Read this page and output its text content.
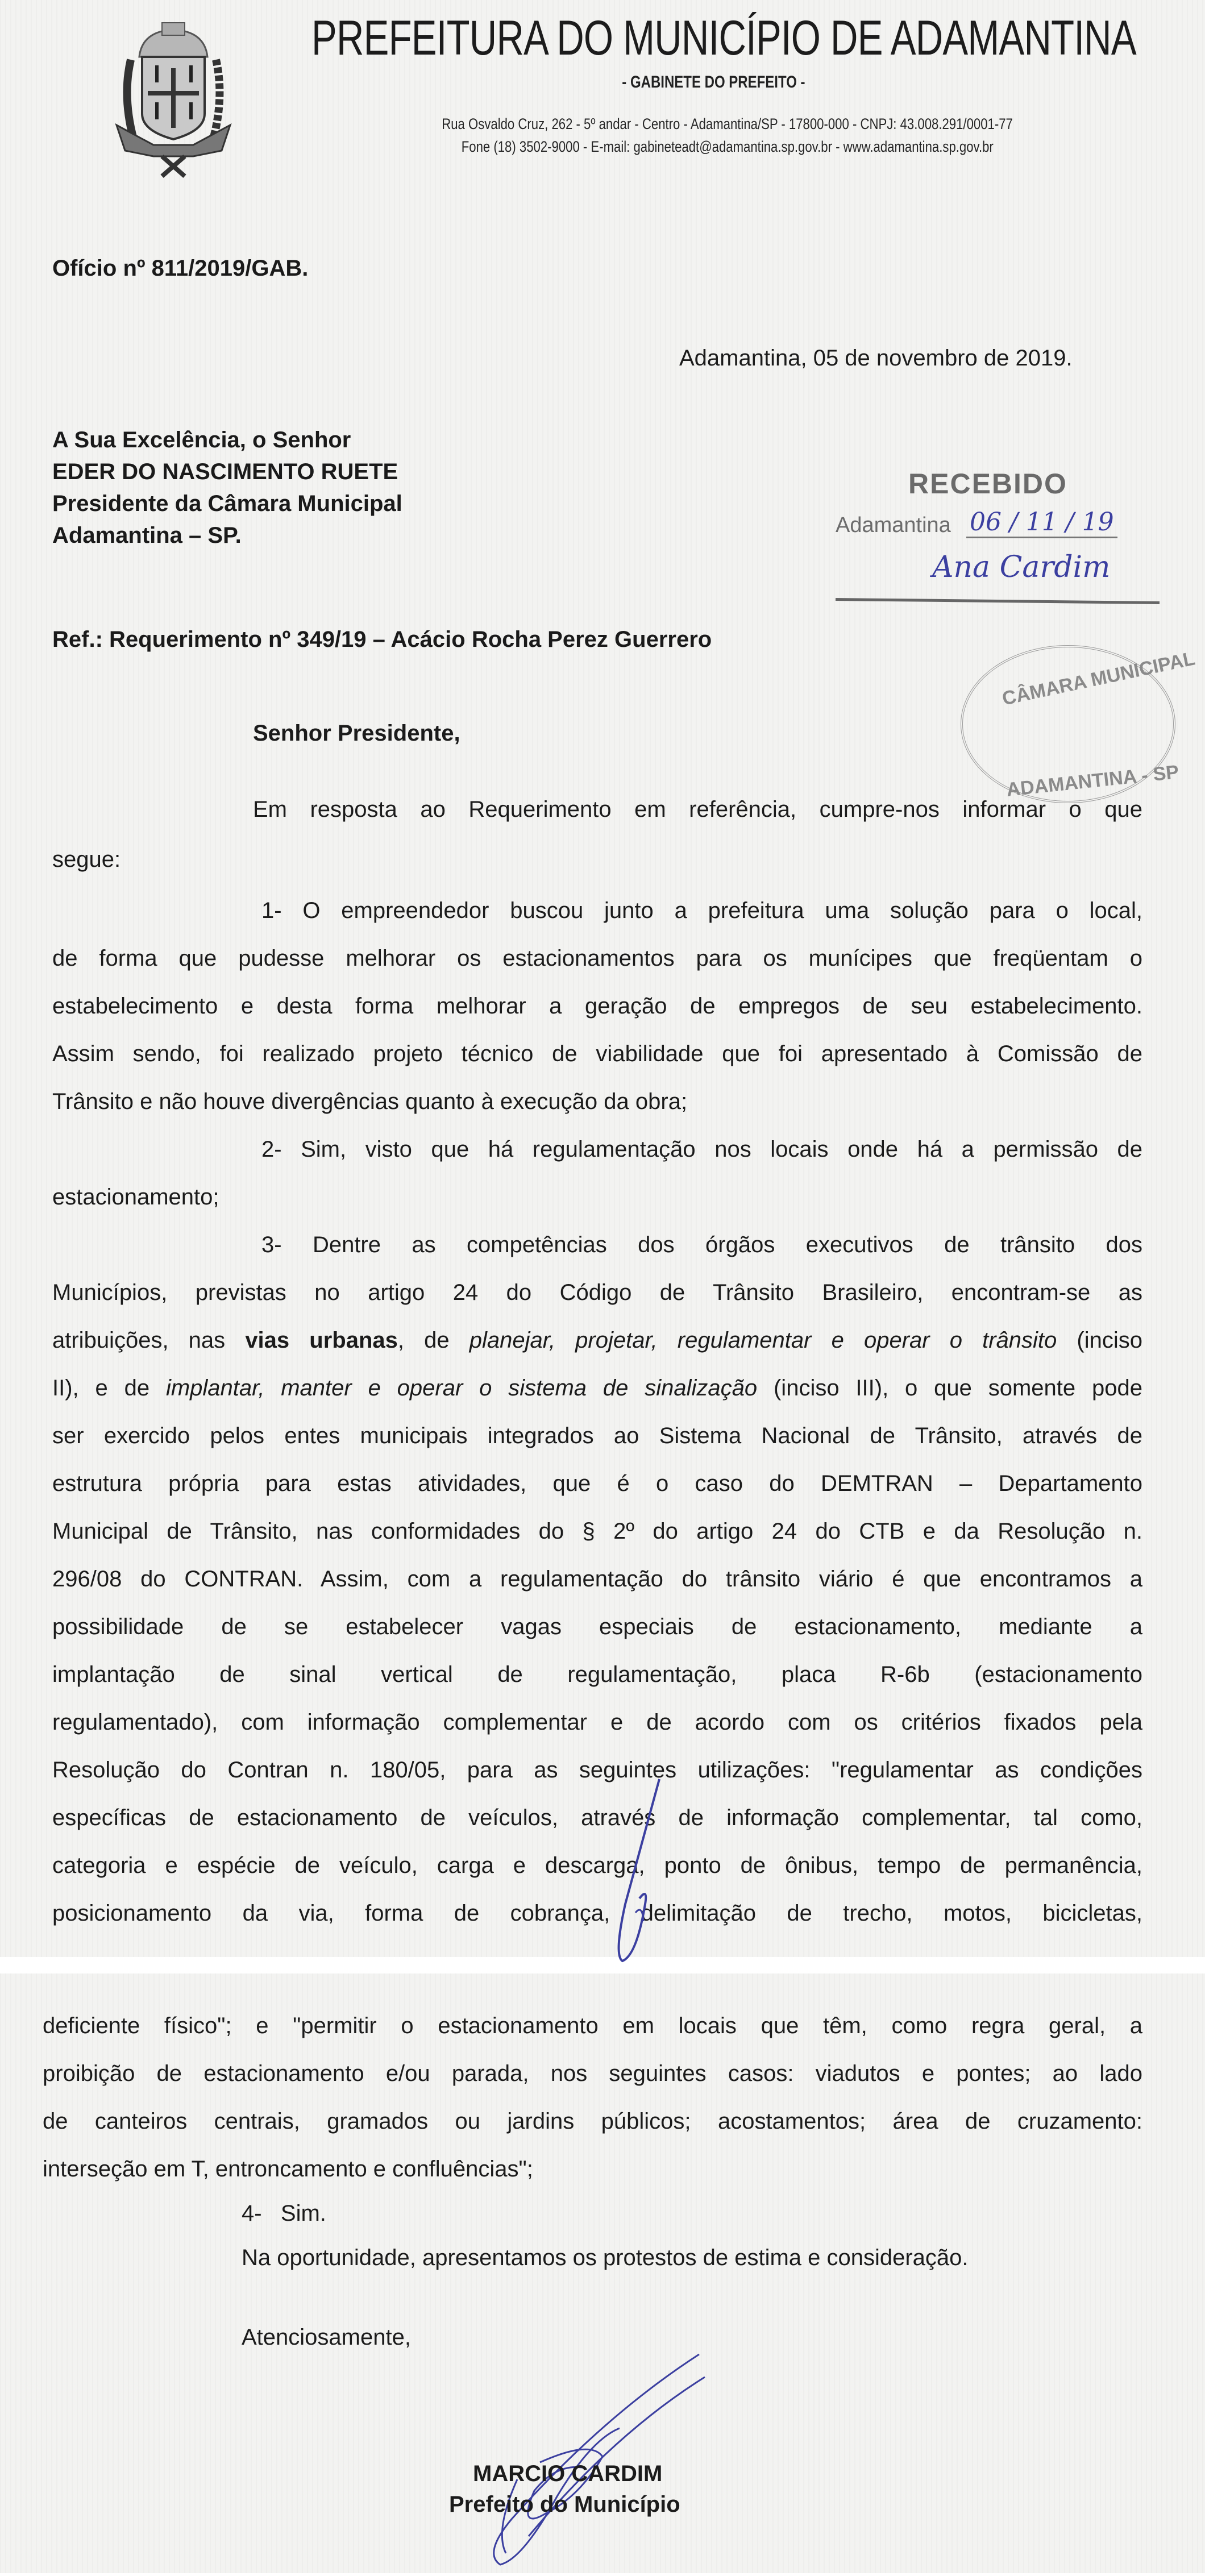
PREFEITURA DO MUNICÍPIO DE ADAMANTINA
- GABINETE DO PREFEITO -
Rua Osvaldo Cruz, 262 - 5º andar - Centro - Adamantina/SP - 17800-000 - CNPJ: 43.008.291/0001-77
Fone (18) 3502-9000 - E-mail: gabineteadt@adamantina.sp.gov.br - www.adamantina.sp.gov.br
Ofício nº 811/2019/GAB.
Adamantina, 05 de novembro de 2019.
A Sua Excelência, o Senhor
EDER DO NASCIMENTO RUETE
Presidente da Câmara Municipal
Adamantina – SP.
RECEBIDO
Adamantina 06 / 11 / 19
Ana Cardim
Ref.: Requerimento nº 349/19 – Acácio Rocha Perez Guerrero
CÂMARA MUNICIPAL
ADAMANTINA - SP
Senhor Presidente,
Em resposta ao Requerimento em referência, cumpre-nos informar o que
segue:
1- O empreendedor buscou junto a prefeitura uma solução para o local,
de forma que pudesse melhorar os estacionamentos para os munícipes que freqüentam o
estabelecimento e desta forma melhorar a geração de empregos de seu estabelecimento.
Assim sendo, foi realizado projeto técnico de viabilidade que foi apresentado à Comissão de
Trânsito e não houve divergências quanto à execução da obra;
2- Sim, visto que há regulamentação nos locais onde há a permissão de
estacionamento;
3- Dentre as competências dos órgãos executivos de trânsito dos
Municípios, previstas no artigo 24 do Código de Trânsito Brasileiro, encontram-se as
atribuições, nas vias urbanas, de planejar, projetar, regulamentar e operar o trânsito (inciso
II), e de implantar, manter e operar o sistema de sinalização (inciso III), o que somente pode
ser exercido pelos entes municipais integrados ao Sistema Nacional de Trânsito, através de
estrutura própria para estas atividades, que é o caso do DEMTRAN – Departamento
Municipal de Trânsito, nas conformidades do § 2º do artigo 24 do CTB e da Resolução n.
296/08 do CONTRAN. Assim, com a regulamentação do trânsito viário é que encontramos a
possibilidade de se estabelecer vagas especiais de estacionamento, mediante a
implantação de sinal vertical de regulamentação, placa R-6b (estacionamento
regulamentado), com informação complementar e de acordo com os critérios fixados pela
Resolução do Contran n. 180/05, para as seguintes utilizações: "regulamentar as condições
específicas de estacionamento de veículos, através de informação complementar, tal como,
categoria e espécie de veículo, carga e descarga, ponto de ônibus, tempo de permanência,
posicionamento da via, forma de cobrança, delimitação de trecho, motos, bicicletas,
deficiente físico"; e "permitir o estacionamento em locais que têm, como regra geral, a
proibição de estacionamento e/ou parada, nos seguintes casos: viadutos e pontes; ao lado
de canteiros centrais, gramados ou jardins públicos; acostamentos; área de cruzamento:
interseção em T, entroncamento e confluências";
4-   Sim.
Na oportunidade, apresentamos os protestos de estima e consideração.
Atenciosamente,
MARCIO CARDIM
Prefeito do Município
